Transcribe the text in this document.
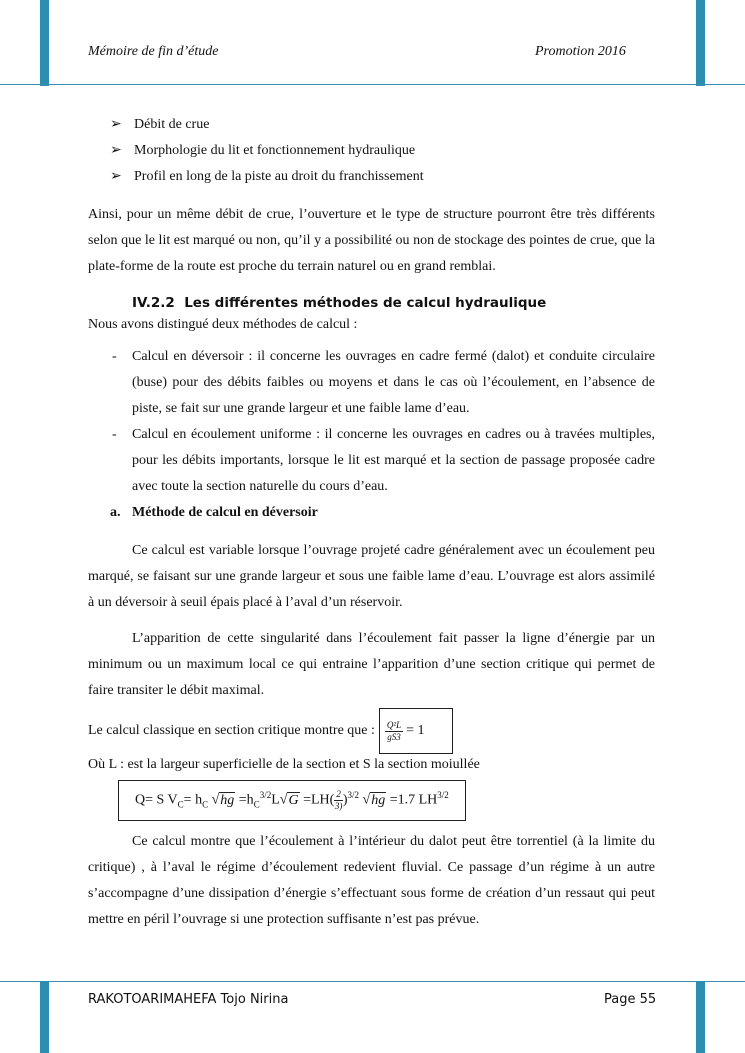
Mémoire de fin d’étude	Promotion 2016
➢ Débit de crue
➢ Morphologie du lit et fonctionnement hydraulique
➢ Profil en long de la piste au droit du franchissement

Ainsi, pour un même débit de crue, l’ouverture et le type de structure pourront être très différents selon que le lit est marqué ou non, qu’il y a possibilité ou non de stockage des pointes de crue, que la plate-forme de la route est proche du terrain naturel ou en grand remblai.

IV.2.2 Les différentes méthodes de calcul hydraulique

Nous avons distingué deux méthodes de calcul :

- Calcul en déversoir : il concerne les ouvrages en cadre fermé (dalot) et conduite circulaire (buse) pour des débits faibles ou moyens et dans le cas où l’écoulement, en l’absence de piste, se fait sur une grande largeur et une faible lame d’eau.
- Calcul en écoulement uniforme : il concerne les ouvrages en cadres ou à travées multiples, pour les débits importants, lorsque le lit est marqué et la section de passage proposée cadre avec toute la section naturelle du cours d’eau.
a. Méthode de calcul en déversoir

Ce calcul est variable lorsque l’ouvrage projeté cadre généralement avec un écoulement peu marqué, se faisant sur une grande largeur et sous une faible lame d’eau. L’ouvrage est alors assimilé à un déversoir à seuil épais placé à l’aval d’un réservoir.

L’apparition de cette singularité dans l’écoulement fait passer la ligne d’énergie par un minimum ou un maximum local ce qui entraine l’apparition d’une section critique qui permet de faire transiter le débit maximal.

Le calcul classique en section critique montre que : $\frac{\text{Q²L}}{gS3} = 1$

Où L : est la largeur superficielle de la section et S la section moiullée

Q= S $V_C= h_C$ $√hg =h_C^{3/2}L√G =LH( \frac{2}{3)} )^{3/2}$ √hg =1.7 $LH^{3/2}$

Ce calcul montre que l’écoulement à l’intérieur du dalot peut être torrentiel (à la limite du critique) , à l’aval le régime d’écoulement redevient fluvial. Ce passage d’un régime à un autre s’accompagne d’une dissipation d’énergie s’effectuant sous forme de création d’un ressaut qui peut mettre en péril l’ouvrage si une protection suffisante n’est pas prévue.

RAKOTOARIMAHEFA Tojo Nirina	Page 55
